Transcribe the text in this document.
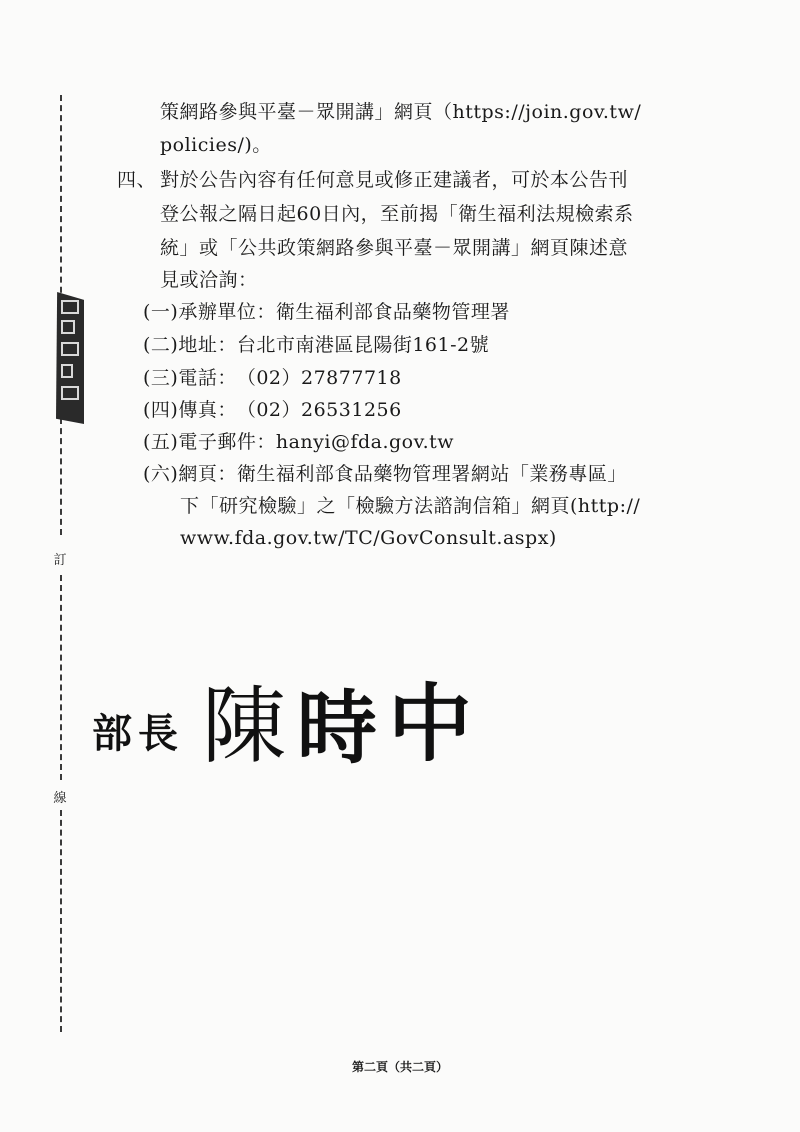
訂
線
策網路參與平臺－眾開講」網頁（https://join.gov.tw/
policies/)。
四、 對於公告內容有任何意見或修正建議者，可於本公告刊
登公報之隔日起60日內，至前揭「衛生福利法規檢索系
統」或「公共政策網路參與平臺－眾開講」網頁陳述意
見或洽詢：
(一)承辦單位：衛生福利部食品藥物管理署
(二)地址：台北市南港區昆陽街161-2號
(三)電話：（02）27877718
(四)傳真：（02）26531256
(五)電子郵件：hanyi@fda.gov.tw
(六)網頁：衛生福利部食品藥物管理署網站「業務專區」
下「研究檢驗」之「檢驗方法諮詢信箱」網頁(http://
www.fda.gov.tw/TC/GovConsult.aspx)
部 長 陳 時 中
第二頁（共二頁）
